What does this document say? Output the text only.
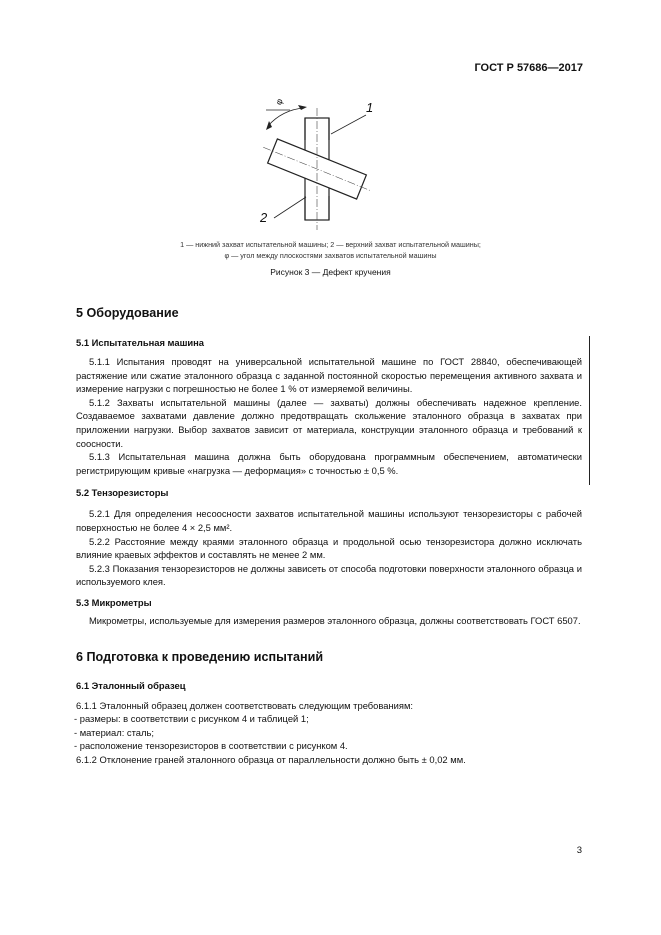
ГОСТ Р 57686—2017
1
2
φ
1 — нижний захват испытательной машины; 2 — верхний захват испытательной машины;
φ — угол между плоскостями захватов испытательной машины
Рисунок 3 — Дефект кручения
5 Оборудование
5.1 Испытательная машина

5.1.1 Испытания проводят на универсальной испытательной машине по ГОСТ 28840, обеспечивающей растяжение или сжатие эталонного образца с заданной постоянной скоростью перемещения активного захвата и измерение нагрузки с погрешностью не более 1 % от измеряемой величины.

5.1.2 Захваты испытательной машины (далее — захваты) должны обеспечивать надежное крепление. Создаваемое захватами давление должно предотвращать скольжение эталонного образца в захватах при приложении нагрузки. Выбор захватов зависит от материала, конструкции эталонного образца и требований к соосности.

5.1.3 Испытательная машина должна быть оборудована программным обеспечением, автоматически регистрирующим кривые «нагрузка — деформация» с точностью ± 0,5 %.

5.2 Тензорезисторы

5.2.1 Для определения несоосности захватов испытательной машины используют тензорезисторы с рабочей поверхностью не более 4 × 2,5 мм².

5.2.2 Расстояние между краями эталонного образца и продольной осью тензорезистора должно исключать влияние краевых эффектов и составлять не менее 2 мм.

5.2.3 Показания тензорезисторов не должны зависеть от способа подготовки поверхности эталонного образца и используемого клея.

5.3 Микрометры

Микрометры, используемые для измерения размеров эталонного образца, должны соответствовать ГОСТ 6507.

6 Подготовка к проведению испытаний
6.1 Эталонный образец

6.1.1 Эталонный образец должен соответствовать следующим требованиям:

- размеры: в соответствии с рисунком 4 и таблицей 1;

- материал: сталь;

- расположение тензорезисторов в соответствии с рисунком 4.

6.1.2 Отклонение граней эталонного образца от параллельности должно быть ± 0,02 мм.

3
